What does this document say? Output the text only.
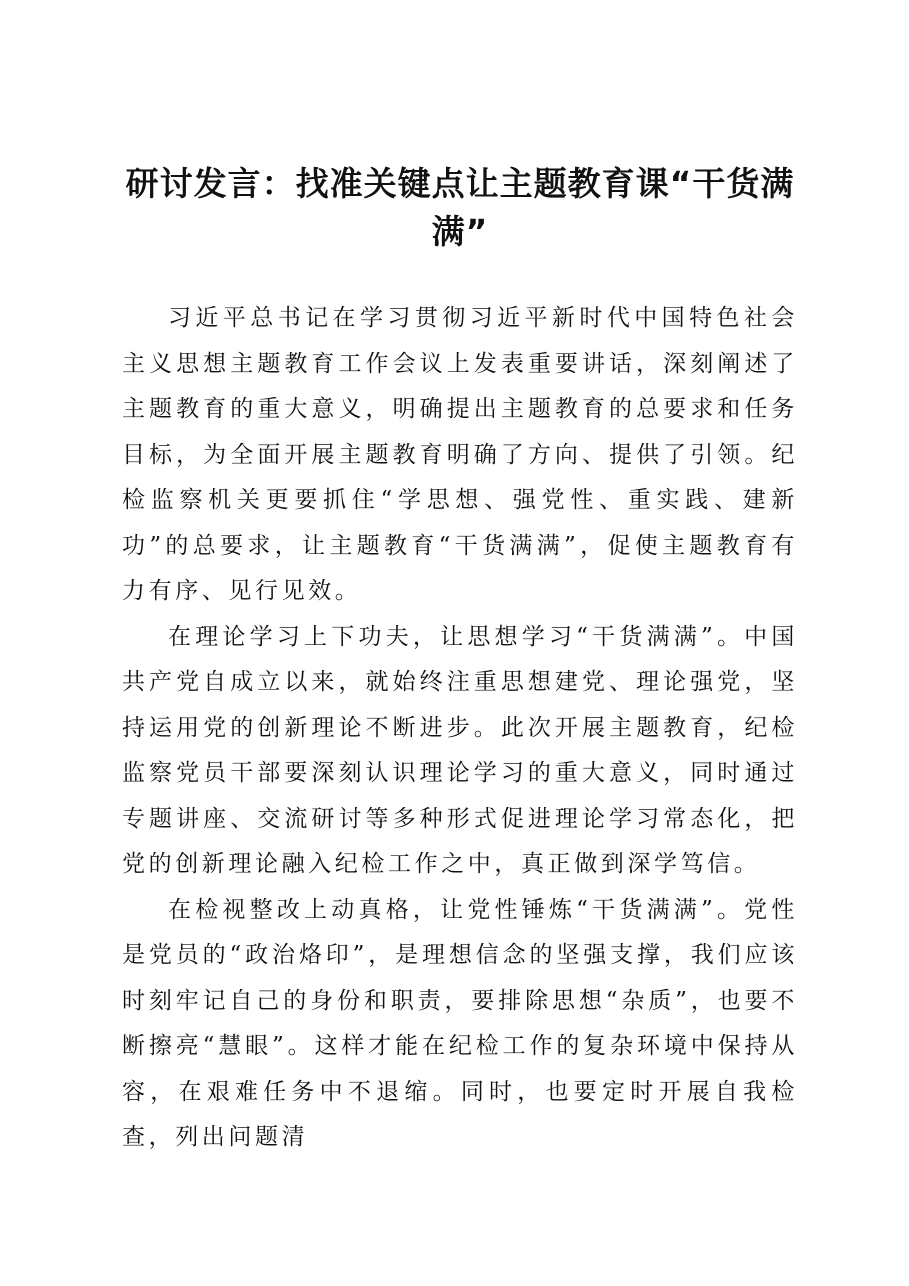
研讨发言：找准关键点让主题教育课“干货满满”

习近平总书记在学习贯彻习近平新时代中国特色社会主义思想主题教育工作会议上发表重要讲话，深刻阐述了主题教育的重大意义，明确提出主题教育的总要求和任务目标，为全面开展主题教育明确了方向、提供了引领。纪检监察机关更要抓住“学思想、强党性、重实践、建新功”的总要求，让主题教育“干货满满”，促使主题教育有力有序、见行见效。

在理论学习上下功夫，让思想学习“干货满满”。中国共产党自成立以来，就始终注重思想建党、理论强党，坚持运用党的创新理论不断进步。此次开展主题教育，纪检监察党员干部要深刻认识理论学习的重大意义，同时通过专题讲座、交流研讨等多种形式促进理论学习常态化，把党的创新理论融入纪检工作之中，真正做到深学笃信。

在检视整改上动真格，让党性锤炼“干货满满”。党性是党员的“政治烙印”，是理想信念的坚强支撑，我们应该时刻牢记自己的身份和职责，要排除思想“杂质”，也要不断擦亮“慧眼”。这样才能在纪检工作的复杂环境中保持从容，在艰难任务中不退缩。同时，也要定时开展自我检查，列出问题清
